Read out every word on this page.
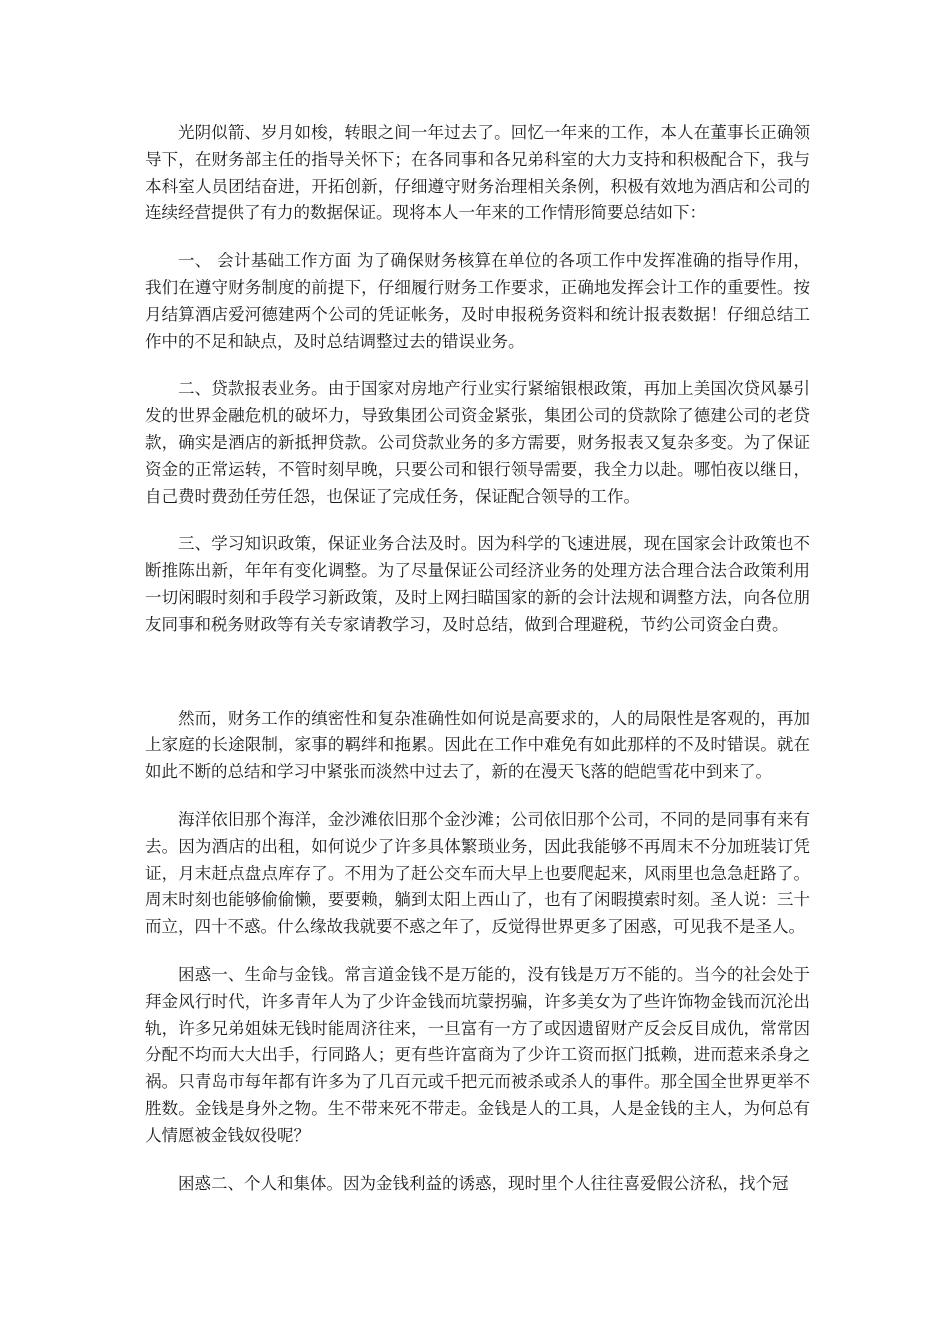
光阴似箭、岁月如梭，转眼之间一年过去了。回忆一年来的工作，本人在董事长正确领导下，在财务部主任的指导关怀下；在各同事和各兄弟科室的大力支持和积极配合下，我与本科室人员团结奋进，开拓创新，仔细遵守财务治理相关条例，积极有效地为酒店和公司的连续经营提供了有力的数据保证。现将本人一年来的工作情形简要总结如下：

一、 会计基础工作方面 为了确保财务核算在单位的各项工作中发挥准确的指导作用，我们在遵守财务制度的前提下，仔细履行财务工作要求，正确地发挥会计工作的重要性。按月结算酒店爱河德建两个公司的凭证帐务，及时申报税务资料和统计报表数据！仔细总结工作中的不足和缺点，及时总结调整过去的错误业务。

二、贷款报表业务。由于国家对房地产行业实行紧缩银根政策，再加上美国次贷风暴引发的世界金融危机的破坏力，导致集团公司资金紧张，集团公司的贷款除了德建公司的老贷款，确实是酒店的新抵押贷款。公司贷款业务的多方需要，财务报表又复杂多变。为了保证资金的正常运转，不管时刻早晚，只要公司和银行领导需要，我全力以赴。哪怕夜以继日，自己费时费劲任劳任怨，也保证了完成任务，保证配合领导的工作。

三、学习知识政策，保证业务合法及时。因为科学的飞速进展，现在国家会计政策也不断推陈出新，年年有变化调整。为了尽量保证公司经济业务的处理方法合理合法合政策利用一切闲暇时刻和手段学习新政策，及时上网扫瞄国家的新的会计法规和调整方法，向各位朋友同事和税务财政等有关专家请教学习，及时总结，做到合理避税，节约公司资金白费。

然而，财务工作的缜密性和复杂准确性如何说是高要求的，人的局限性是客观的，再加上家庭的长途限制，家事的羁绊和拖累。因此在工作中难免有如此那样的不及时错误。就在如此不断的总结和学习中紧张而淡然中过去了，新的在漫天飞落的皑皑雪花中到来了。

海洋依旧那个海洋，金沙滩依旧那个金沙滩；公司依旧那个公司，不同的是同事有来有去。因为酒店的出租，如何说少了许多具体繁琐业务，因此我能够不再周末不分加班装订凭证，月末赶点盘点库存了。不用为了赶公交车而大早上也要爬起来，风雨里也急急赶路了。周末时刻也能够偷偷懒，要要赖，躺到太阳上西山了，也有了闲暇摸索时刻。圣人说：三十而立，四十不惑。什么缘故我就要不惑之年了，反觉得世界更多了困惑，可见我不是圣人。

困惑一、生命与金钱。常言道金钱不是万能的，没有钱是万万不能的。当今的社会处于拜金风行时代，许多青年人为了少许金钱而坑蒙拐骗，许多美女为了些许饰物金钱而沉沦出轨，许多兄弟姐妹无钱时能周济往来，一旦富有一方了或因遗留财产反会反目成仇，常常因分配不均而大大出手，行同路人；更有些许富商为了少许工资而抠门抵赖，进而惹来杀身之祸。只青岛市每年都有许多为了几百元或千把元而被杀或杀人的事件。那全国全世界更举不胜数。金钱是身外之物。生不带来死不带走。金钱是人的工具，人是金钱的主人，为何总有人情愿被金钱奴役呢？

困惑二、个人和集体。因为金钱利益的诱惑，现时里个人往往喜爱假公济私，找个冠
